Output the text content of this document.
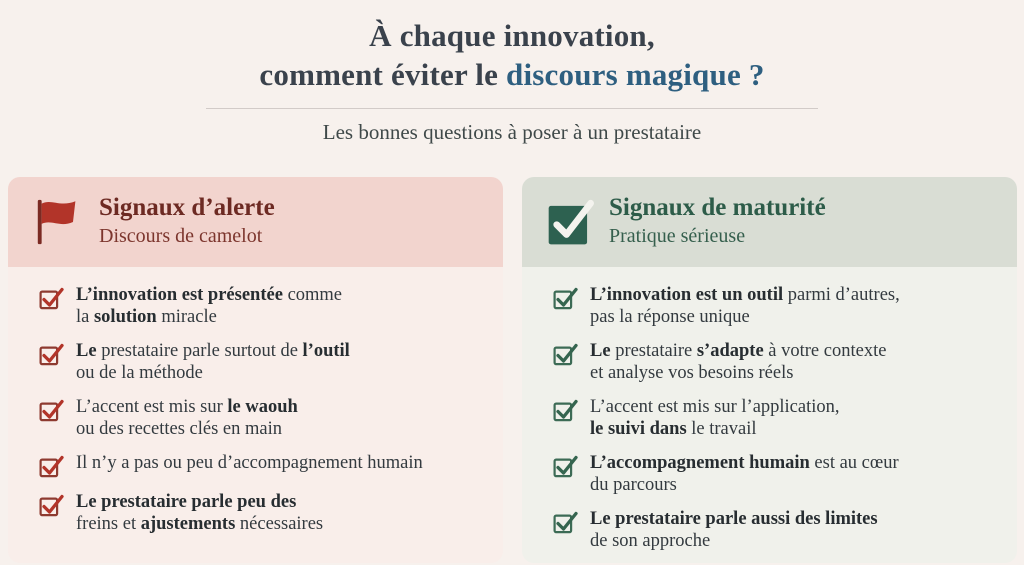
À chaque innovation,
comment éviter le discours magique ?

Les bonnes questions à poser à un prestataire

Signaux d’alerte

Discours de camelot

L’innovation est présentée comme
la solution miracle
Le prestataire parle surtout de l’outil
ou de la méthode
L’accent est mis sur le waouh
ou des recettes clés en main
Il n’y a pas ou peu d’accompagnement humain
Le prestataire parle peu des
freins et ajustements nécessaires
Signaux de maturité

Pratique sérieuse

L’innovation est un outil parmi d’autres,
pas la réponse unique
Le prestataire s’adapte à votre contexte
et analyse vos besoins réels
L’accent est mis sur l’application,
le suivi dans le travail
L’accompagnement humain est au cœur
du parcours
Le prestataire parle aussi des limites
de son approche
